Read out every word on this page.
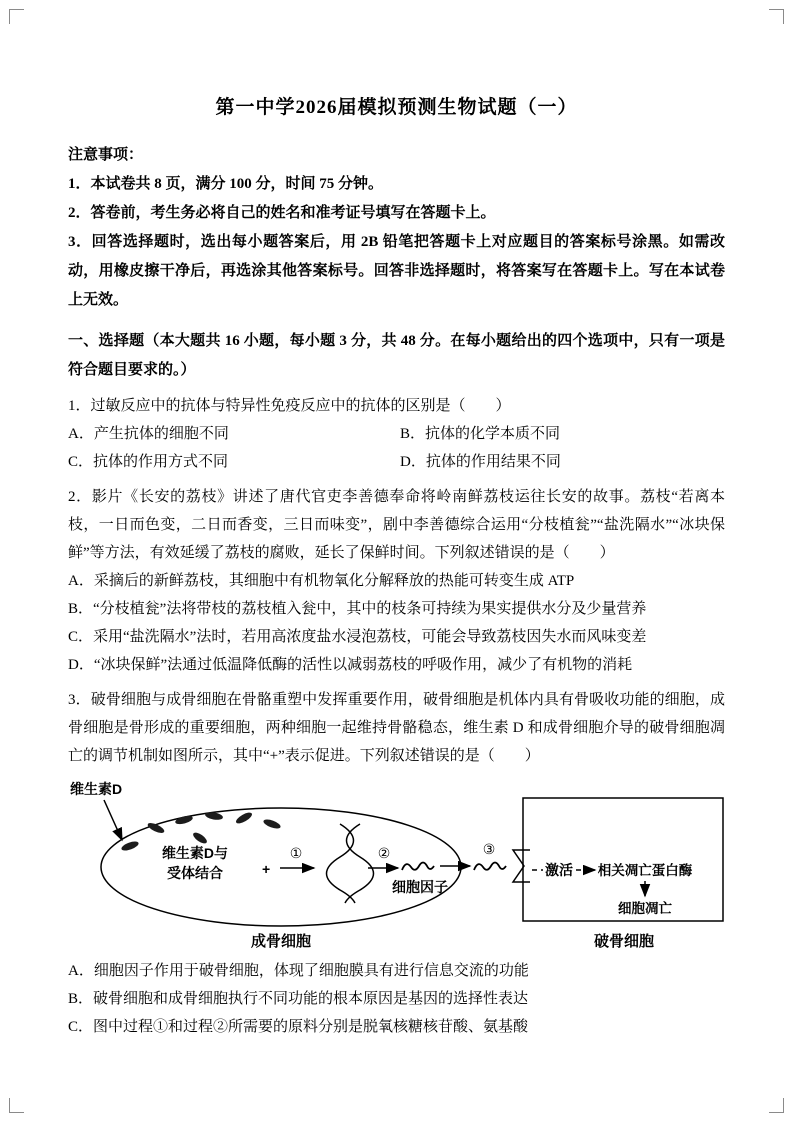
第一中学2026届模拟预测生物试题（一）

注意事项：

1．本试卷共 8 页，满分 100 分，时间 75 分钟。

2．答卷前，考生务必将自己的姓名和准考证号填写在答题卡上。

3．回答选择题时，选出每小题答案后，用 2B 铅笔把答题卡上对应题目的答案标号涂黑。如需改动，用橡皮擦干净后，再选涂其他答案标号。回答非选择题时，将答案写在答题卡上。写在本试卷上无效。

一、选择题（本大题共 16 小题，每小题 3 分，共 48 分。在每小题给出的四个选项中，只有一项是符合题目要求的。）

1．过敏反应中的抗体与特异性免疫反应中的抗体的区别是（　　）

A．产生抗体的细胞不同	B．抗体的化学本质不同
C．抗体的作用方式不同	D．抗体的作用结果不同

2．影片《长安的荔枝》讲述了唐代官吏李善德奉命将岭南鲜荔枝运往长安的故事。荔枝“若离本枝，一日而色变，二日而香变，三日而味变”，剧中李善德综合运用“分枝植瓮”“盐洗隔水”“冰块保鲜”等方法，有效延缓了荔枝的腐败，延长了保鲜时间。下列叙述错误的是（　　）

A．采摘后的新鲜荔枝，其细胞中有机物氧化分解释放的热能可转变生成 ATP

B．“分枝植瓮”法将带枝的荔枝植入瓮中，其中的枝条可持续为果实提供水分及少量营养

C．采用“盐洗隔水”法时，若用高浓度盐水浸泡荔枝，可能会导致荔枝因失水而风味变差

D．“冰块保鲜”法通过低温降低酶的活性以减弱荔枝的呼吸作用，减少了有机物的消耗

3．破骨细胞与成骨细胞在骨骼重塑中发挥重要作用，破骨细胞是机体内具有骨吸收功能的细胞，成骨细胞是骨形成的重要细胞，两种细胞一起维持骨骼稳态，维生素 D 和成骨细胞介导的破骨细胞凋亡的调节机制如图所示，其中“+”表示促进。下列叙述错误的是（　　）

维生素D
维生素D与
受体结合	+
①	②
细胞因子
③
激活 相关凋亡蛋白酶
细胞凋亡
成骨细胞	破骨细胞

A．细胞因子作用于破骨细胞，体现了细胞膜具有进行信息交流的功能

B．破骨细胞和成骨细胞执行不同功能的根本原因是基因的选择性表达

C．图中过程①和过程②所需要的原料分别是脱氧核糖核苷酸、氨基酸
